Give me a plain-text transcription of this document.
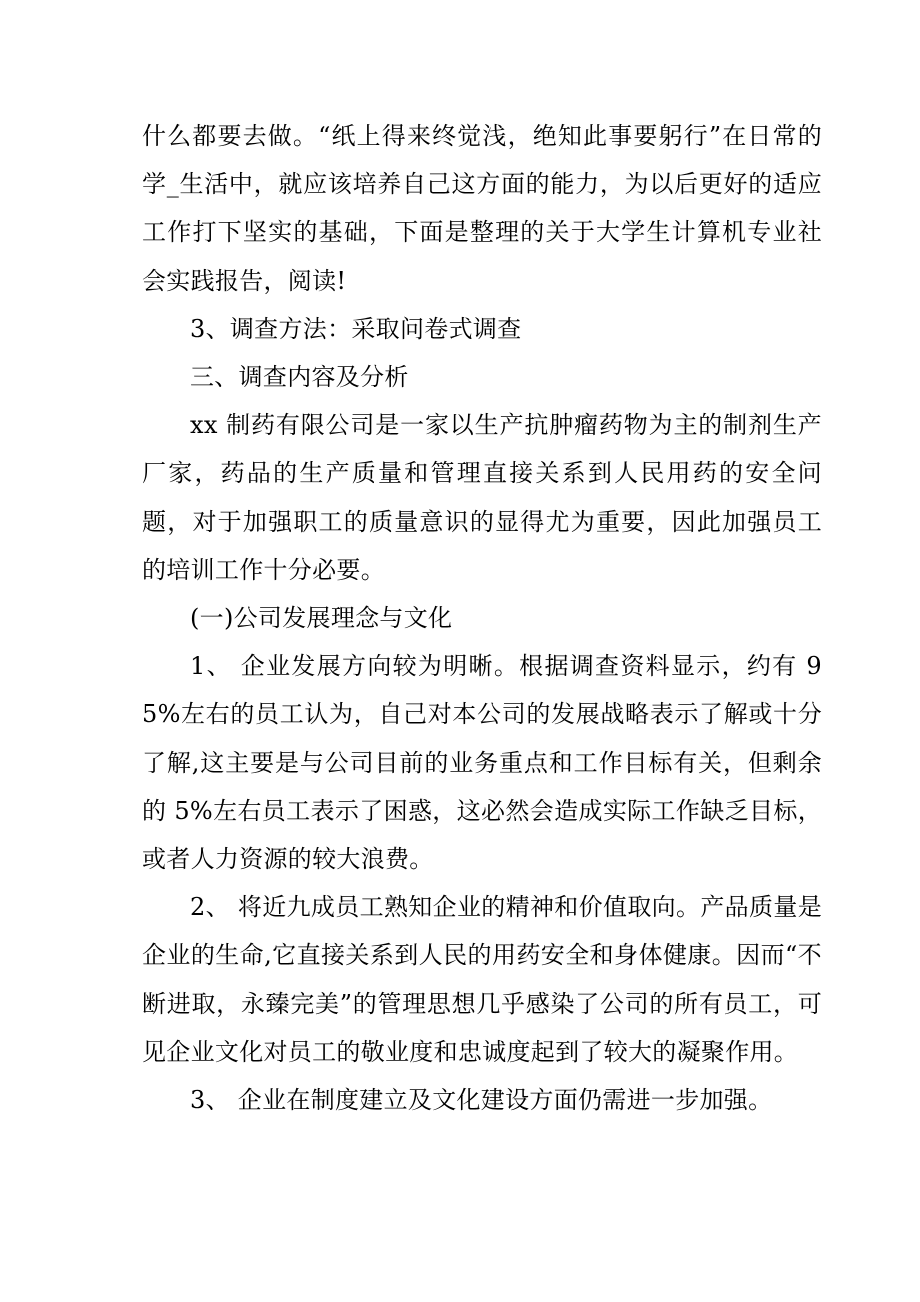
什么都要去做。“纸上得来终觉浅，绝知此事要躬行”在日常的学_生活中，就应该培养自己这方面的能力，为以后更好的适应工作打下坚实的基础，下面是整理的关于大学生计算机专业社会实践报告，阅读!

3、调查方法：采取问卷式调查

三、调查内容及分析

xx 制药有限公司是一家以生产抗肿瘤药物为主的制剂生产厂家，药品的生产质量和管理直接关系到人民用药的安全问题，对于加强职工的质量意识的显得尤为重要，因此加强员工的培训工作十分必要。

(一)公司发展理念与文化

1、 企业发展方向较为明晰。根据调查资料显示，约有 95%左右的员工认为，自己对本公司的发展战略表示了解或十分了解,这主要是与公司目前的业务重点和工作目标有关，但剩余的 5%左右员工表示了困惑，这必然会造成实际工作缺乏目标，或者人力资源的较大浪费。

2、 将近九成员工熟知企业的精神和价值取向。产品质量是企业的生命,它直接关系到人民的用药安全和身体健康。因而“不断进取，永臻完美”的管理思想几乎感染了公司的所有员工，可见企业文化对员工的敬业度和忠诚度起到了较大的凝聚作用。

3、 企业在制度建立及文化建设方面仍需进一步加强。
